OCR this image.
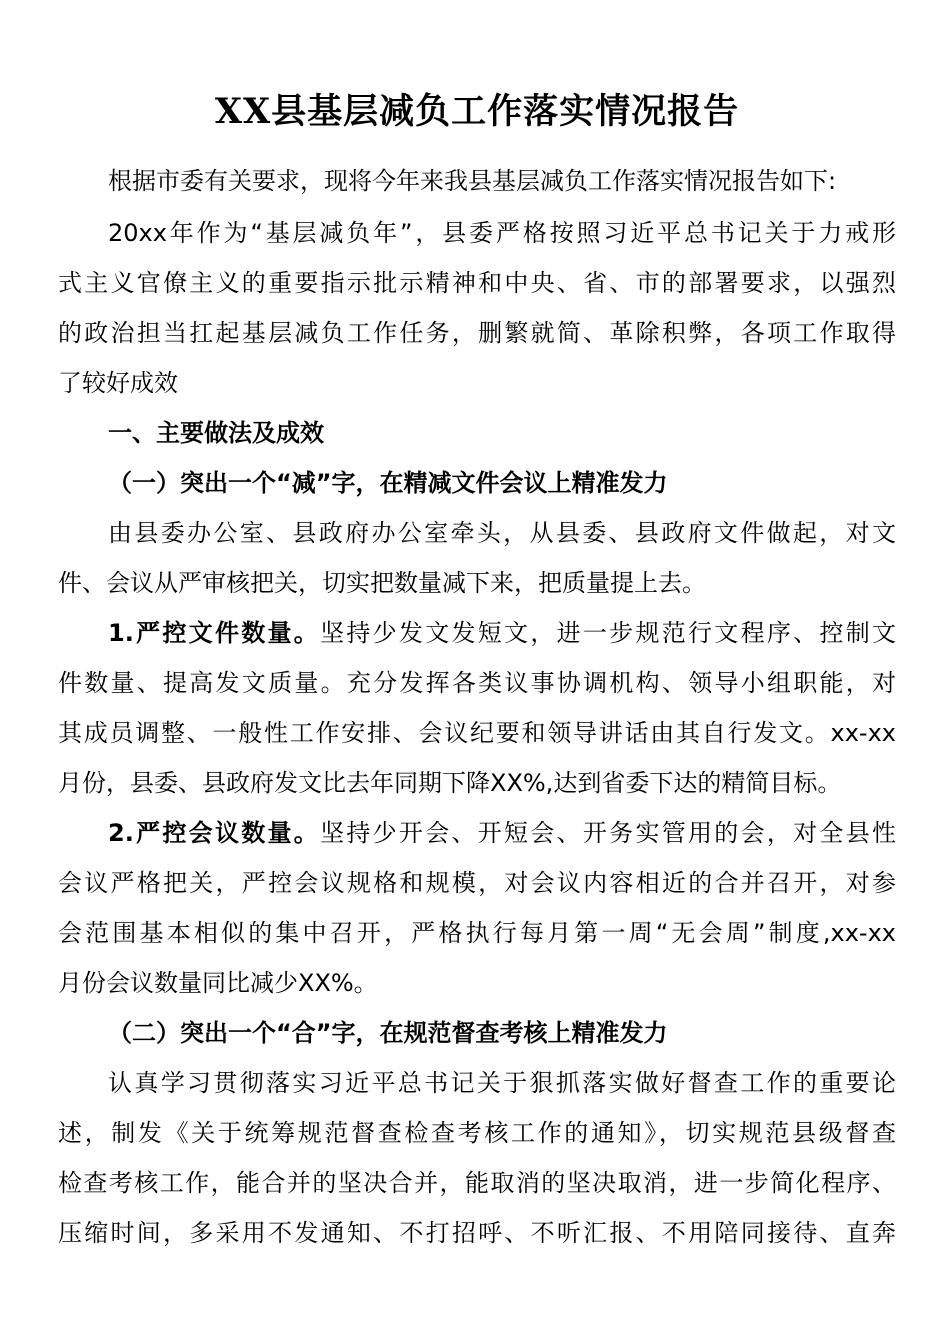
XX县基层减负工作落实情况报告
根据市委有关要求，现将今年来我县基层减负工作落实情况报告如下:
20xx年作为“基层减负年”，县委严格按照习近平总书记关于力戒形
式主义官僚主义的重要指示批示精神和中央、省、市的部署要求，以强烈
的政治担当扛起基层减负工作任务，删繁就简、革除积弊，各项工作取得
了较好成效
一、主要做法及成效
（一）突出一个“减”字，在精减文件会议上精准发力
由县委办公室、县政府办公室牵头，从县委、县政府文件做起，对文
件、会议从严审核把关，切实把数量减下来，把质量提上去。
1.严控文件数量。坚持少发文发短文，进一步规范行文程序、控制文
件数量、提高发文质量。充分发挥各类议事协调机构、领导小组职能，对
其成员调整、一般性工作安排、会议纪要和领导讲话由其自行发文。xx-xx
月份，县委、县政府发文比去年同期下降XX%,达到省委下达的精简目标。
2.严控会议数量。坚持少开会、开短会、开务实管用的会，对全县性
会议严格把关，严控会议规格和规模，对会议内容相近的合并召开，对参
会范围基本相似的集中召开，严格执行每月第一周“无会周”制度,xx-xx
月份会议数量同比减少XX%。
（二）突出一个“合”字，在规范督查考核上精准发力
认真学习贯彻落实习近平总书记关于狠抓落实做好督查工作的重要论
述，制发《关于统筹规范督查检查考核工作的通知》，切实规范县级督查
检查考核工作，能合并的坚决合并，能取消的坚决取消，进一步简化程序、
压缩时间，多采用不发通知、不打招呼、不听汇报、不用陪同接待、直奔
